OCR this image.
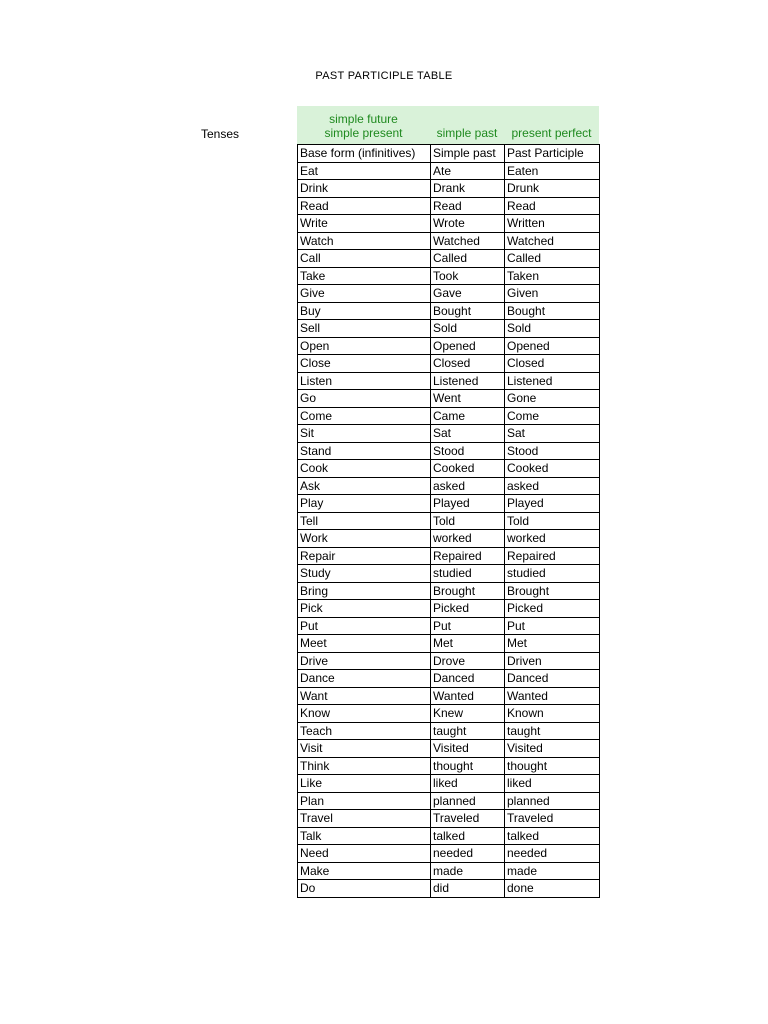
PAST PARTICIPLE TABLE
Tenses
simple future
simple present	simple past	present perfect
Base form (infinitives)	Simple past	Past Participle
Eat	Ate	Eaten
Drink	Drank	Drunk
Read	Read	Read
Write	Wrote	Written
Watch	Watched	Watched
Call	Called	Called
Take	Took	Taken
Give	Gave	Given
Buy	Bought	Bought
Sell	Sold	Sold
Open	Opened	Opened
Close	Closed	Closed
Listen	Listened	Listened
Go	Went	Gone
Come	Came	Come
Sit	Sat	Sat
Stand	Stood	Stood
Cook	Cooked	Cooked
Ask	asked	asked
Play	Played	Played
Tell	Told	Told
Work	worked	worked
Repair	Repaired	Repaired
Study	studied	studied
Bring	Brought	Brought
Pick	Picked	Picked
Put	Put	Put
Meet	Met	Met
Drive	Drove	Driven
Dance	Danced	Danced
Want	Wanted	Wanted
Know	Knew	Known
Teach	taught	taught
Visit	Visited	Visited
Think	thought	thought
Like	liked	liked
Plan	planned	planned
Travel	Traveled	Traveled
Talk	talked	talked
Need	needed	needed
Make	made	made
Do	did	done
